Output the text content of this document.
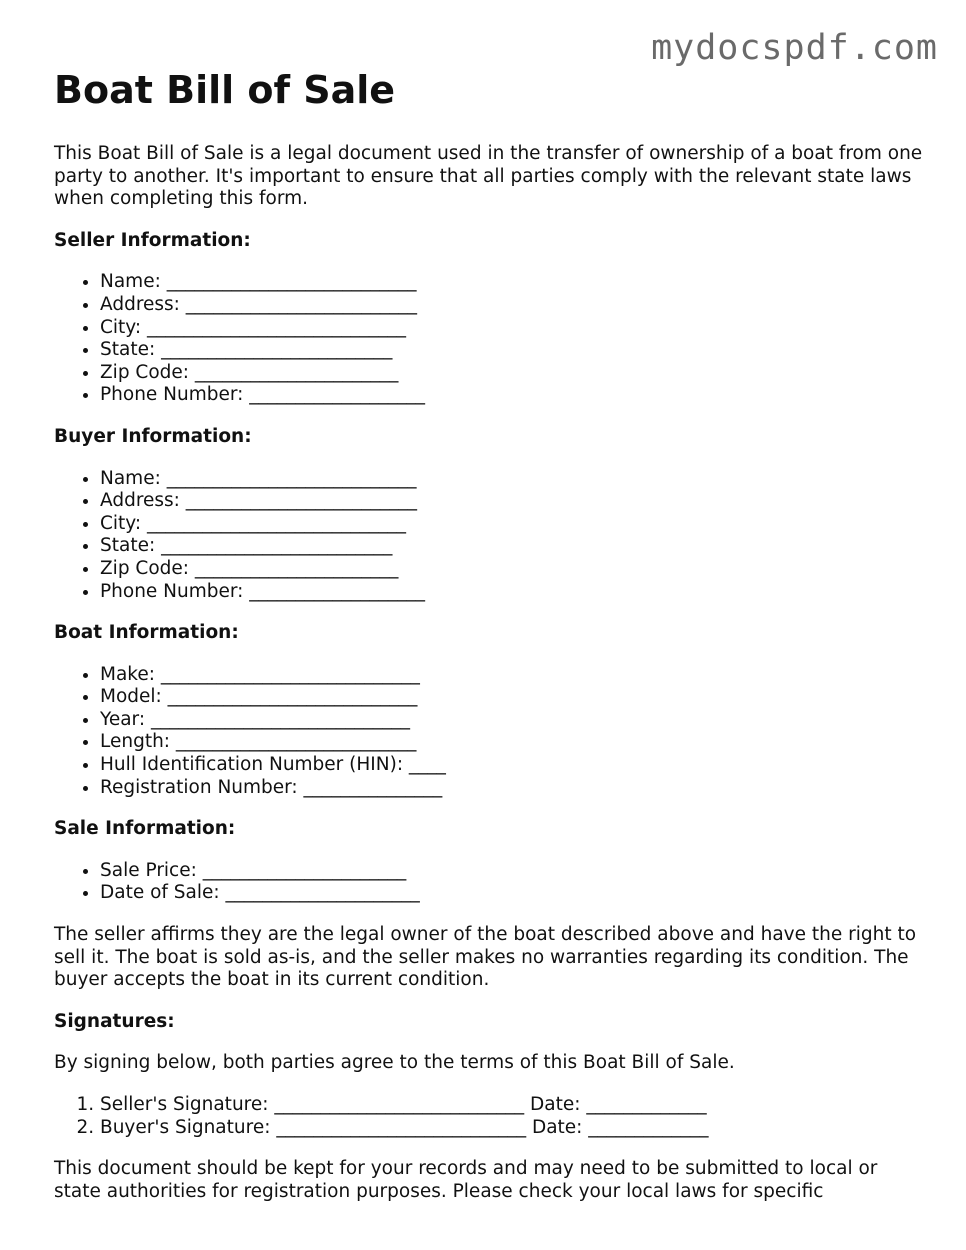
mydocspdf.com
Boat Bill of Sale

This Boat Bill of Sale is a legal document used in the transfer of ownership of a boat from one party to another. It's important to ensure that all parties comply with the relevant state laws when completing this form.

Seller Information:

• Name: ___________________________
• Address: _________________________
• City: ____________________________
• State: _________________________
• Zip Code: ______________________
• Phone Number: ___________________

Buyer Information:

• Name: ___________________________
• Address: _________________________
• City: ____________________________
• State: _________________________
• Zip Code: ______________________
• Phone Number: ___________________

Boat Information:

• Make: ____________________________
• Model: ___________________________
• Year: ____________________________
• Length: __________________________
• Hull Identification Number (HIN): ____
• Registration Number: _______________

Sale Information:

• Sale Price: ______________________
• Date of Sale: _____________________

The seller affirms they are the legal owner of the boat described above and have the right to sell it. The boat is sold as-is, and the seller makes no warranties regarding its condition. The buyer accepts the boat in its current condition.

Signatures:

By signing below, both parties agree to the terms of this Boat Bill of Sale.

1. Seller's Signature: ___________________________ Date: _____________
2. Buyer's Signature: ___________________________ Date: _____________

This document should be kept for your records and may need to be submitted to local or state authorities for registration purposes. Please check your local laws for specific
